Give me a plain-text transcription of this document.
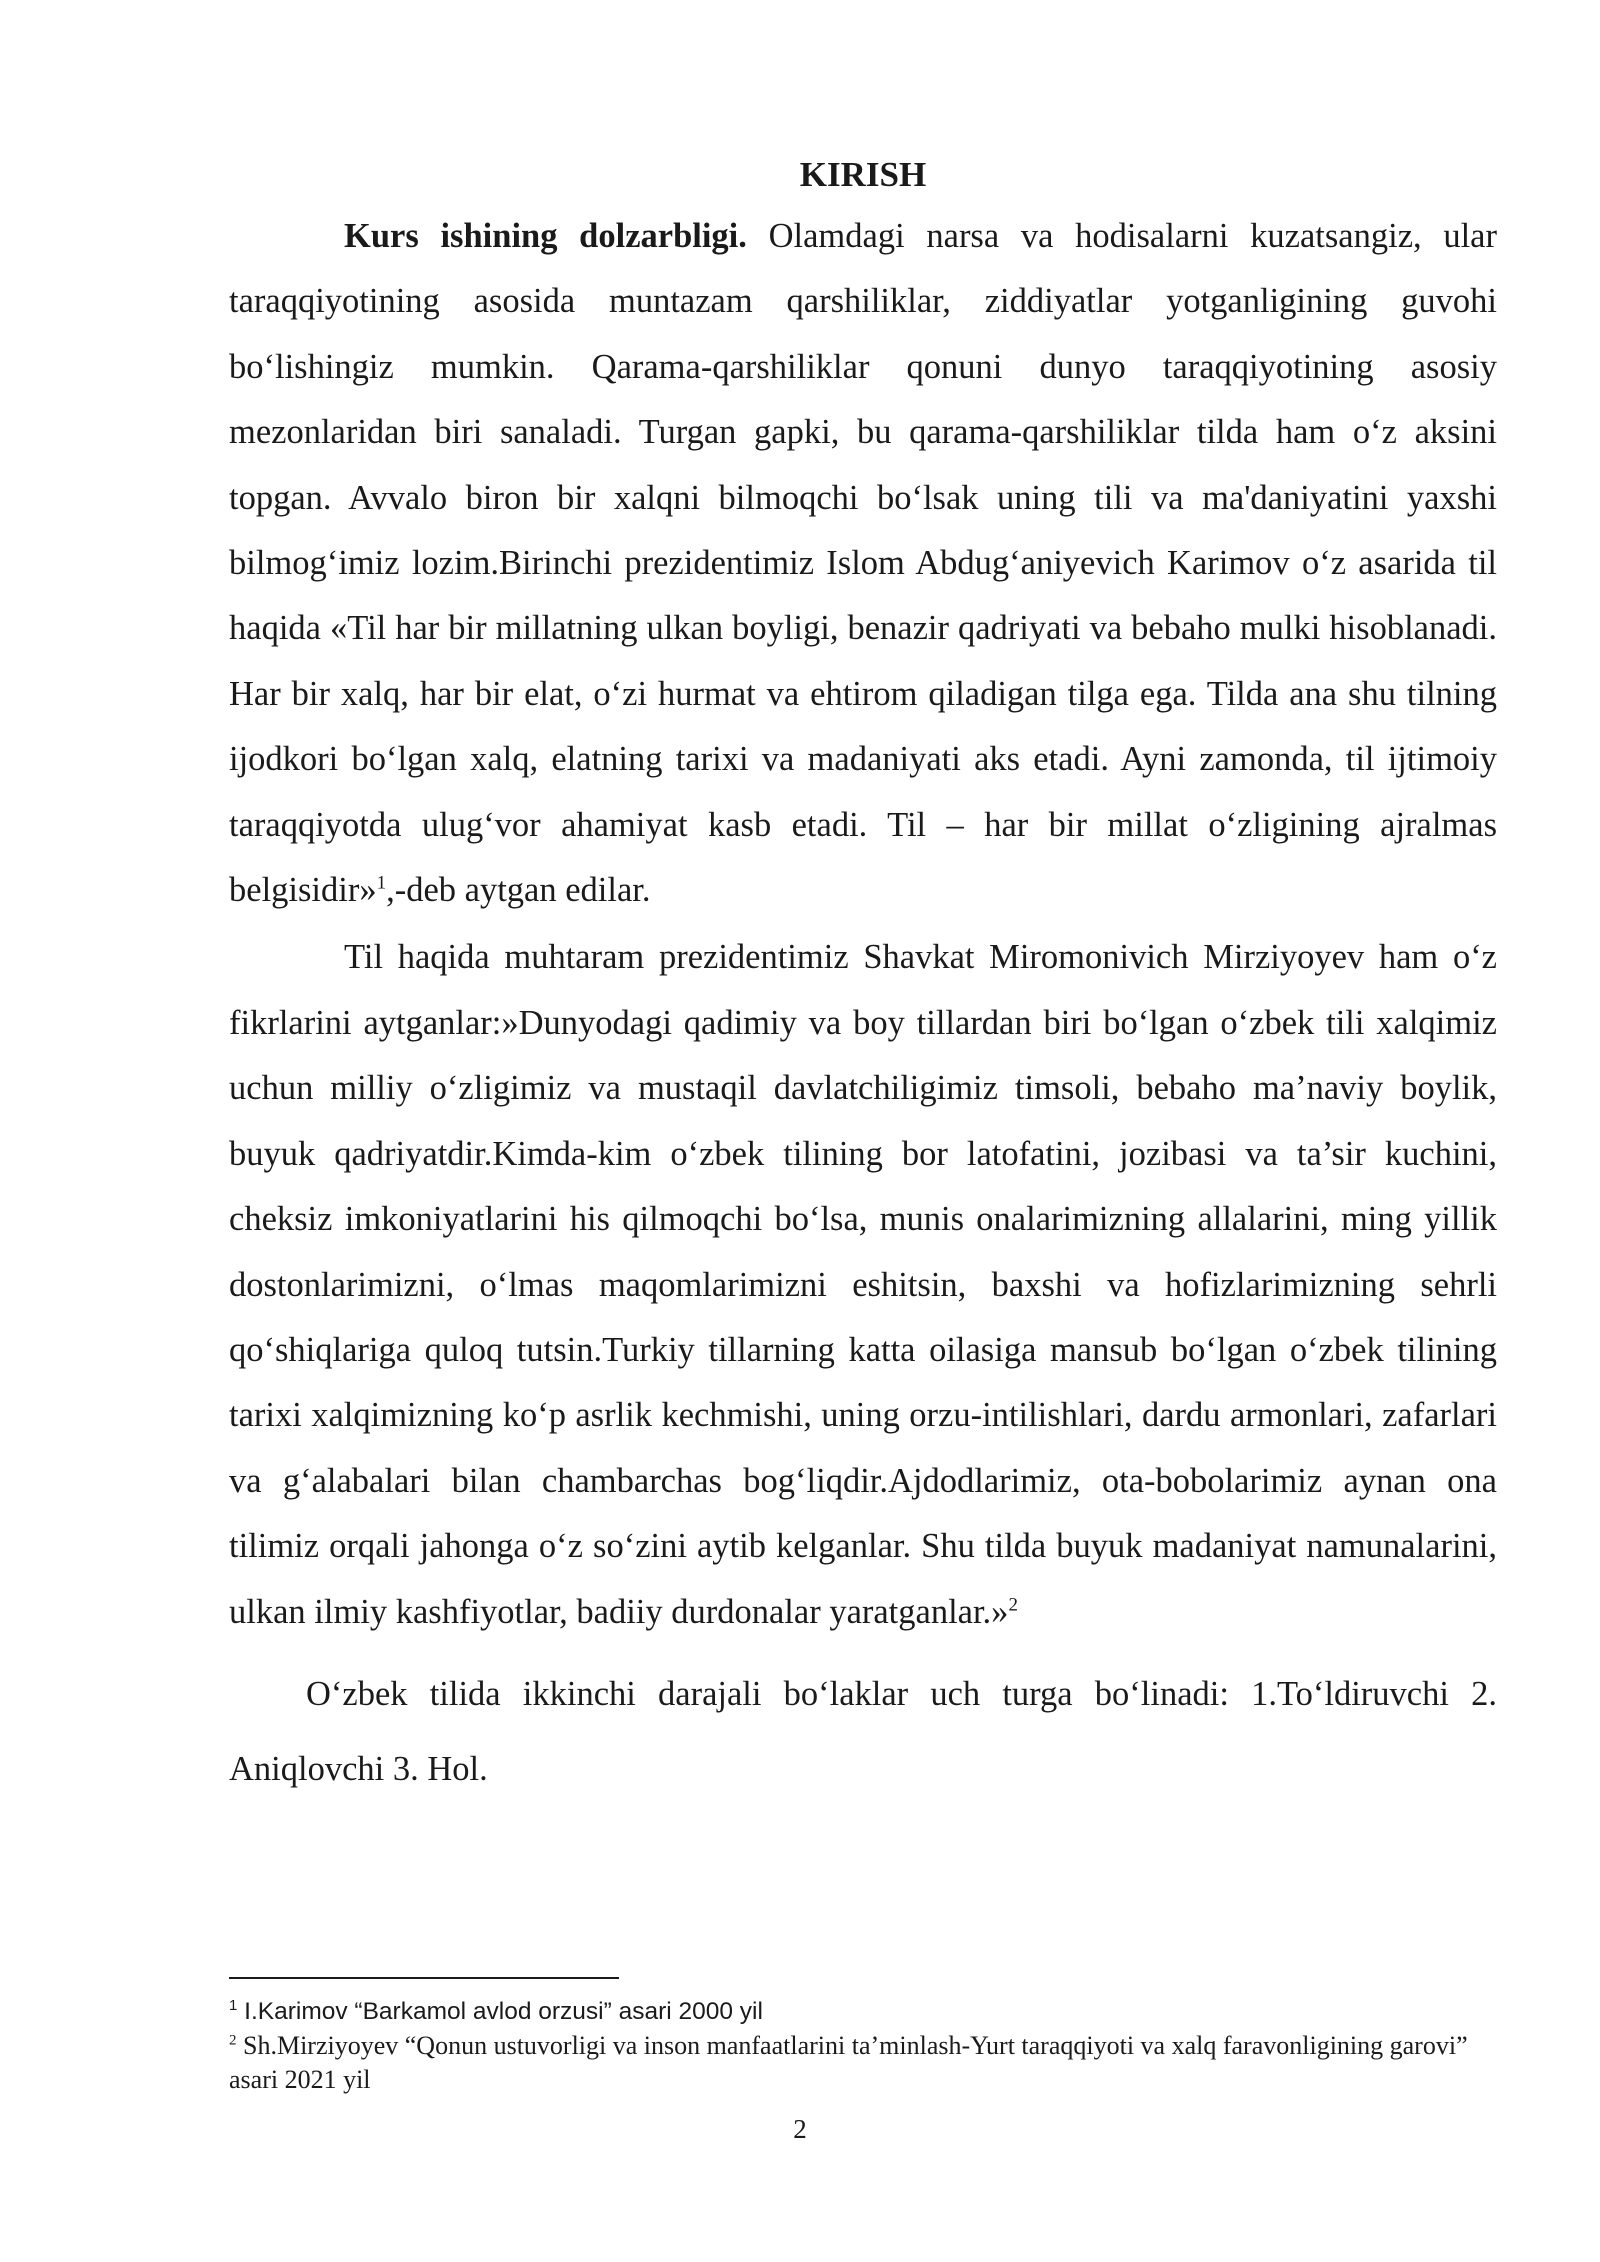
KIRISH

Kurs ishining dolzarbligi. Olamdagi narsa va hodisalarni kuzatsangiz, ular taraqqiyotining asosida muntazam qarshiliklar, ziddiyatlar yotganligining guvohi bo‘lishingiz mumkin. Qarama-qarshiliklar qonuni dunyo taraqqiyotining asosiy mezonlaridan biri sanaladi. Turgan gapki, bu qarama-qarshiliklar tilda ham o‘z aksini topgan. Avvalo biron bir xalqni bilmoqchi bo‘lsak uning tili va ma'daniyatini yaxshi bilmog‘imiz lozim.Birinchi prezidentimiz Islom Abdug‘aniyevich Karimov o‘z asarida til haqida «Til har bir millatning ulkan boyligi, benazir qadriyati va bebaho mulki hisoblanadi. Har bir xalq, har bir elat, o‘zi hurmat va ehtirom qiladigan tilga ega. Tilda ana shu tilning ijodkori bo‘lgan xalq, elatning tarixi va madaniyati aks etadi. Ayni zamonda, til ijtimoiy taraqqiyotda ulug‘vor ahamiyat kasb etadi. Til – har bir millat o‘zligining ajralmas belgisidir»$^1$,-deb aytgan edilar.

Til haqida muhtaram prezidentimiz Shavkat Miromonivich Mirziyoyev ham o‘z fikrlarini aytganlar:»Dunyodagi qadimiy va boy tillardan biri bo‘lgan o‘zbek tili xalqimiz uchun milliy o‘zligimiz va mustaqil davlatchiligimiz timsoli, bebaho ma’naviy boylik, buyuk qadriyatdir.Kimda-kim o‘zbek tilining bor latofatini, jozibasi va ta’sir kuchini, cheksiz imkoniyatlarini his qilmoqchi bo‘lsa, munis onalarimizning allalarini, ming yillik dostonlarimizni, o‘lmas maqomlarimizni eshitsin, baxshi va hofizlarimizning sehrli qo‘shiqlariga quloq tutsin.Turkiy tillarning katta oilasiga mansub bo‘lgan o‘zbek tilining tarixi xalqimizning ko‘p asrlik kechmishi, uning orzu-intilishlari, dardu armonlari, zafarlari va g‘alabalari bilan chambarchas bog‘liqdir.Ajdodlarimiz, ota-bobolarimiz aynan ona tilimiz orqali jahonga o‘z so‘zini aytib kelganlar. Shu tilda buyuk madaniyat namunalarini, ulkan ilmiy kashfiyotlar, badiiy durdonalar yaratganlar.»$^2$

O‘zbek tilida ikkinchi darajali bo‘laklar uch turga bo‘linadi: 1.To‘ldiruvchi 2. Aniqlovchi 3. Hol.

$^1$ I.Karimov “Barkamol avlod orzusi” asari 2000 yil

$^2$ Sh.Mirziyoyev “Qonun ustuvorligi va inson manfaatlarini ta’minlash-Yurt taraqqiyoti va xalq faravonligining garovi” asari 2021 yil

2
